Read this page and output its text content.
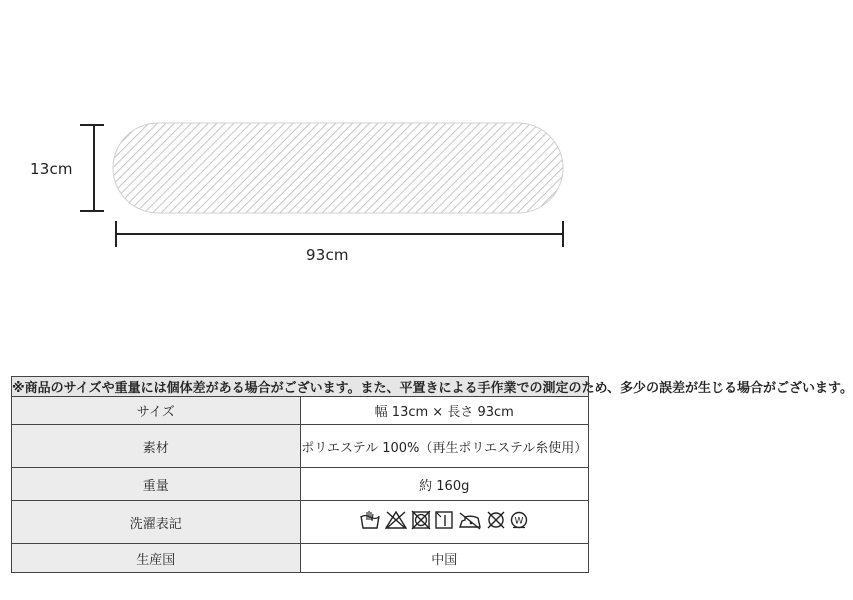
13cm
93cm
※商品のサイズや重量には個体差がある場合がございます。また、平置きによる手作業での測定のため、多少の誤差が生じる場合がございます。	
サイズ	幅 13cm × 長さ 93cm
素材	ポリエステル 100%（再生ポリエステル糸使用）
重量	約 160g
洗濯表記	W

生産国	中国
